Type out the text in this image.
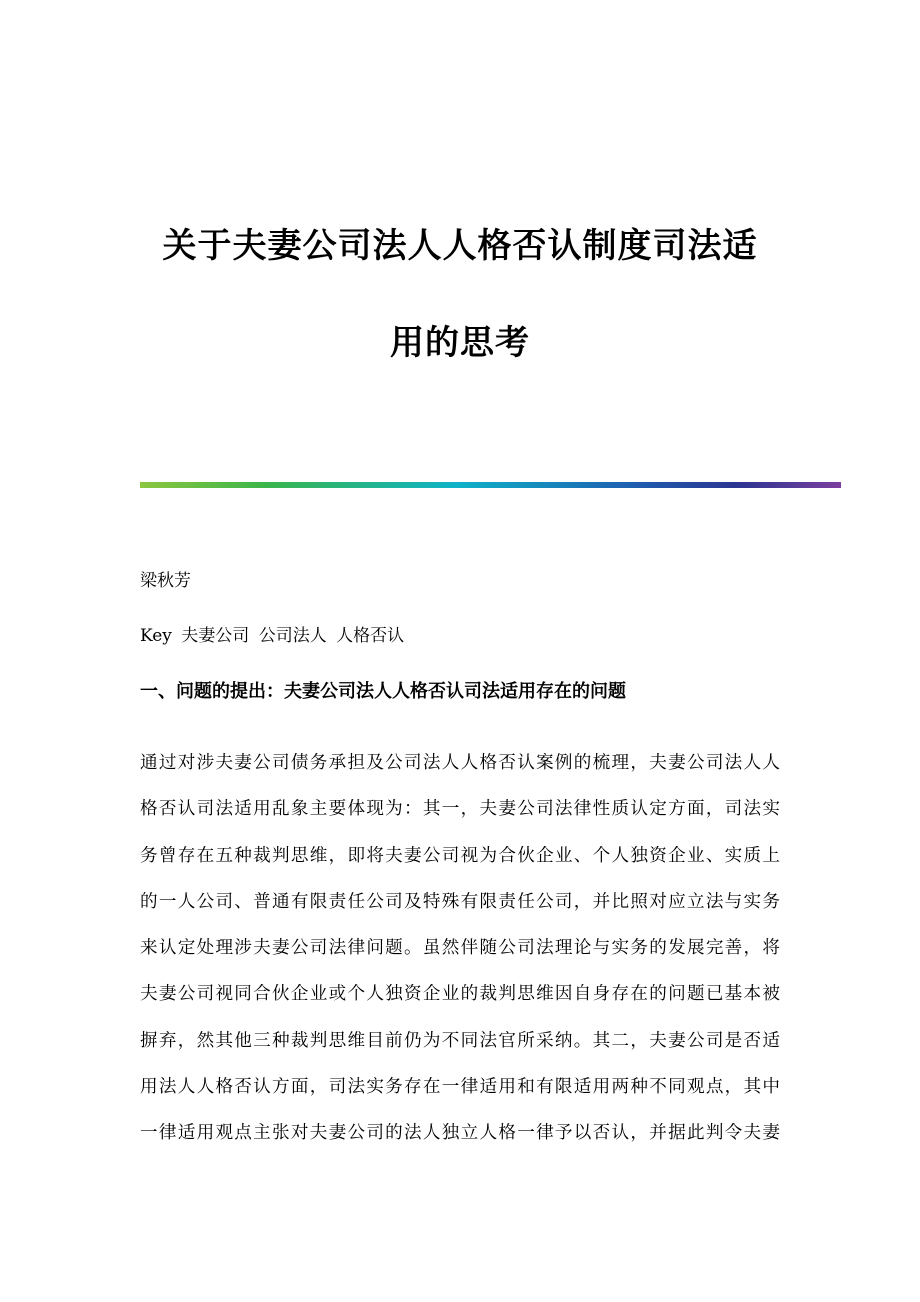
关于夫妻公司法人人格否认制度司法适
用的思考
梁秋芳
Key 夫妻公司 公司法人 人格否认
一、问题的提出：夫妻公司法人人格否认司法适用存在的问题
通过对涉夫妻公司债务承担及公司法人人格否认案例的梳理，夫妻公司法人人
格否认司法适用乱象主要体现为：其一，夫妻公司法律性质认定方面，司法实
务曾存在五种裁判思维，即将夫妻公司视为合伙企业、个人独资企业、实质上
的一人公司、普通有限责任公司及特殊有限责任公司，并比照对应立法与实务
来认定处理涉夫妻公司法律问题。虽然伴随公司法理论与实务的发展完善，将
夫妻公司视同合伙企业或个人独资企业的裁判思维因自身存在的问题已基本被
摒弃，然其他三种裁判思维目前仍为不同法官所采纳。其二，夫妻公司是否适
用法人人格否认方面，司法实务存在一律适用和有限适用两种不同观点，其中
一律适用观点主张对夫妻公司的法人独立人格一律予以否认，并据此判令夫妻
